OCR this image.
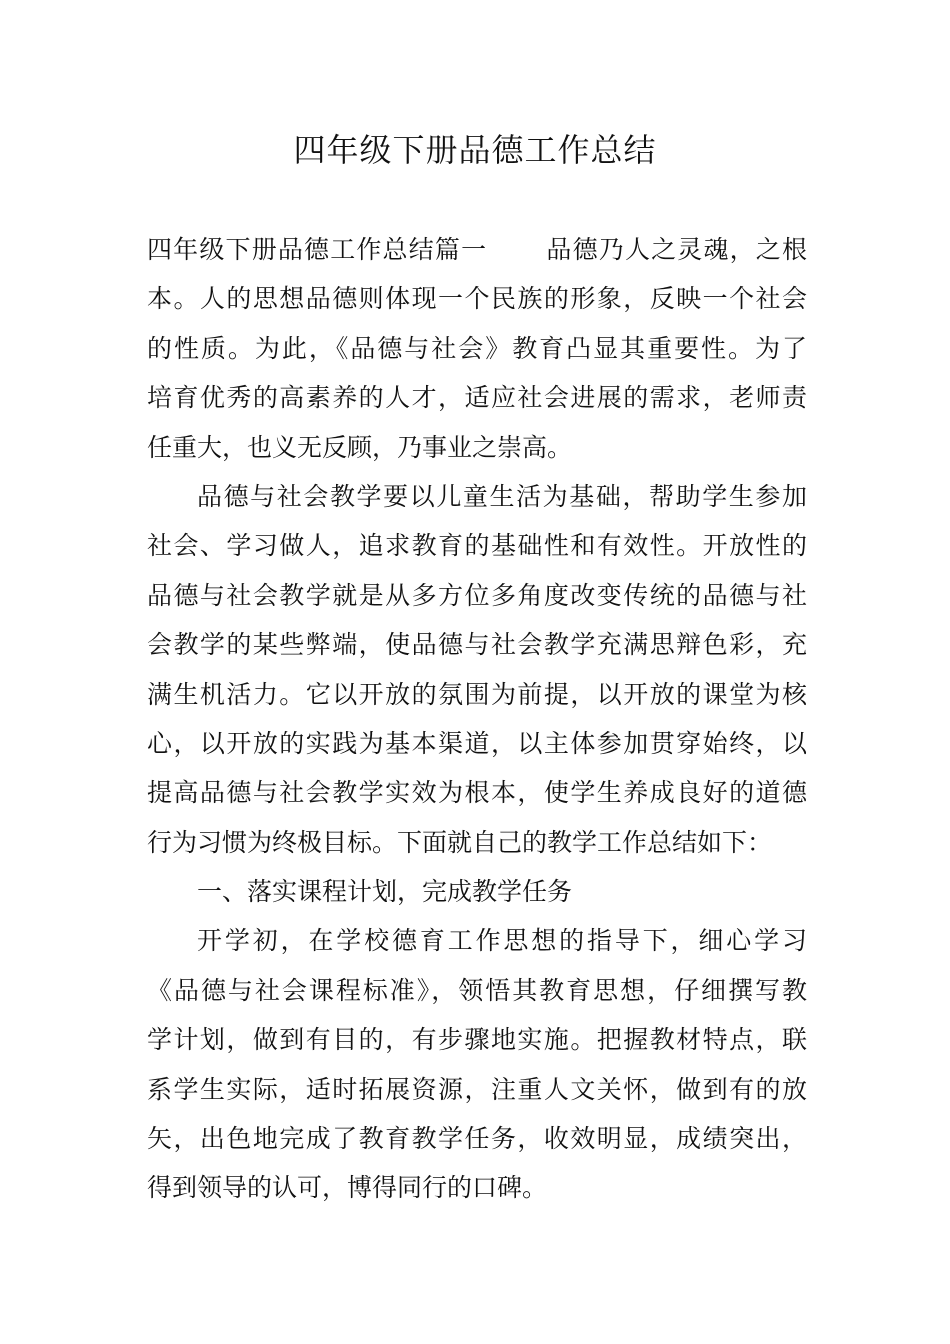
四年级下册品德工作总结
四年级下册品德工作总结篇一 品德乃人之灵魂，之根
本。人的思想品德则体现一个民族的形象，反映一个社会
的性质。为此，《品德与社会》教育凸显其重要性。为了
培育优秀的高素养的人才，适应社会进展的需求，老师责
任重大，也义无反顾，乃事业之崇高。
品德与社会教学要以儿童生活为基础，帮助学生参加
社会、学习做人，追求教育的基础性和有效性。开放性的
品德与社会教学就是从多方位多角度改变传统的品德与社
会教学的某些弊端，使品德与社会教学充满思辩色彩，充
满生机活力。它以开放的氛围为前提，以开放的课堂为核
心，以开放的实践为基本渠道，以主体参加贯穿始终，以
提高品德与社会教学实效为根本，使学生养成良好的道德
行为习惯为终极目标。下面就自己的教学工作总结如下：
一、落实课程计划，完成教学任务
开学初，在学校德育工作思想的指导下，细心学习
《品德与社会课程标准》，领悟其教育思想，仔细撰写教
学计划，做到有目的，有步骤地实施。把握教材特点，联
系学生实际，适时拓展资源，注重人文关怀，做到有的放
矢，出色地完成了教育教学任务，收效明显，成绩突出，
得到领导的认可，博得同行的口碑。
